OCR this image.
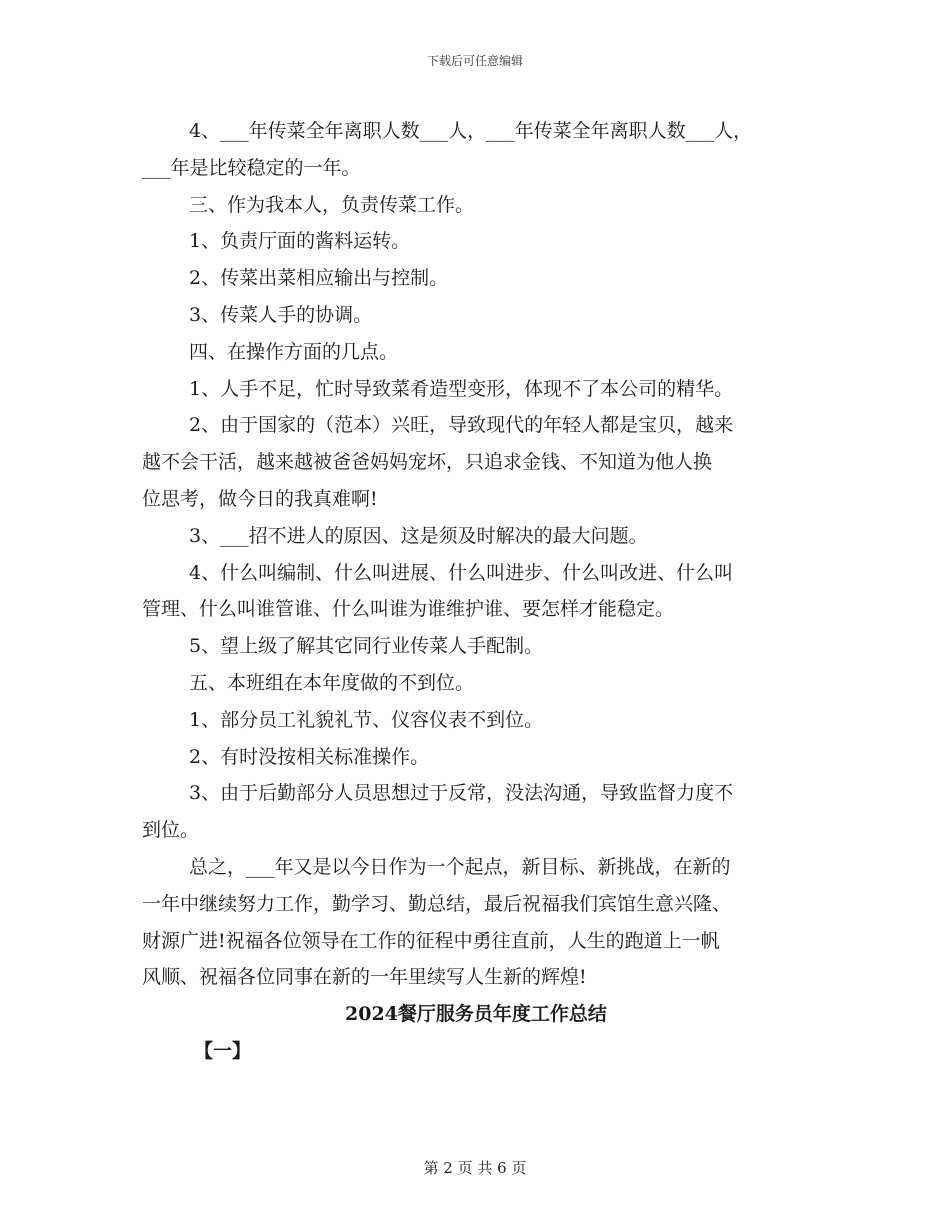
下载后可任意编辑

4、___年传菜全年离职人数___人，___年传菜全年离职人数___人，

___年是比较稳定的一年。

三、作为我本人，负责传菜工作。

1、负责厅面的酱料运转。

2、传菜出菜相应输出与控制。

3、传菜人手的协调。

四、在操作方面的几点。

1、人手不足，忙时导致菜肴造型变形，体现不了本公司的精华。

2、由于国家的（范本）兴旺，导致现代的年轻人都是宝贝，越来

越不会干活，越来越被爸爸妈妈宠坏，只追求金钱、不知道为他人换

位思考，做今日的我真难啊!

3、___招不进人的原因、这是须及时解决的最大问题。

4、什么叫编制、什么叫进展、什么叫进步、什么叫改进、什么叫

管理、什么叫谁管谁、什么叫谁为谁维护谁、要怎样才能稳定。

5、望上级了解其它同行业传菜人手配制。

五、本班组在本年度做的不到位。

1、部分员工礼貌礼节、仪容仪表不到位。

2、有时没按相关标准操作。

3、由于后勤部分人员思想过于反常，没法沟通，导致监督力度不

到位。

总之，___年又是以今日作为一个起点，新目标、新挑战，在新的

一年中继续努力工作，勤学习、勤总结，最后祝福我们宾馆生意兴隆、

财源广进!祝福各位领导在工作的征程中勇往直前，人生的跑道上一帆

风顺、祝福各位同事在新的一年里续写人生新的辉煌!

2024餐厅服务员年度工作总结

【一】

第 2 页 共 6 页
